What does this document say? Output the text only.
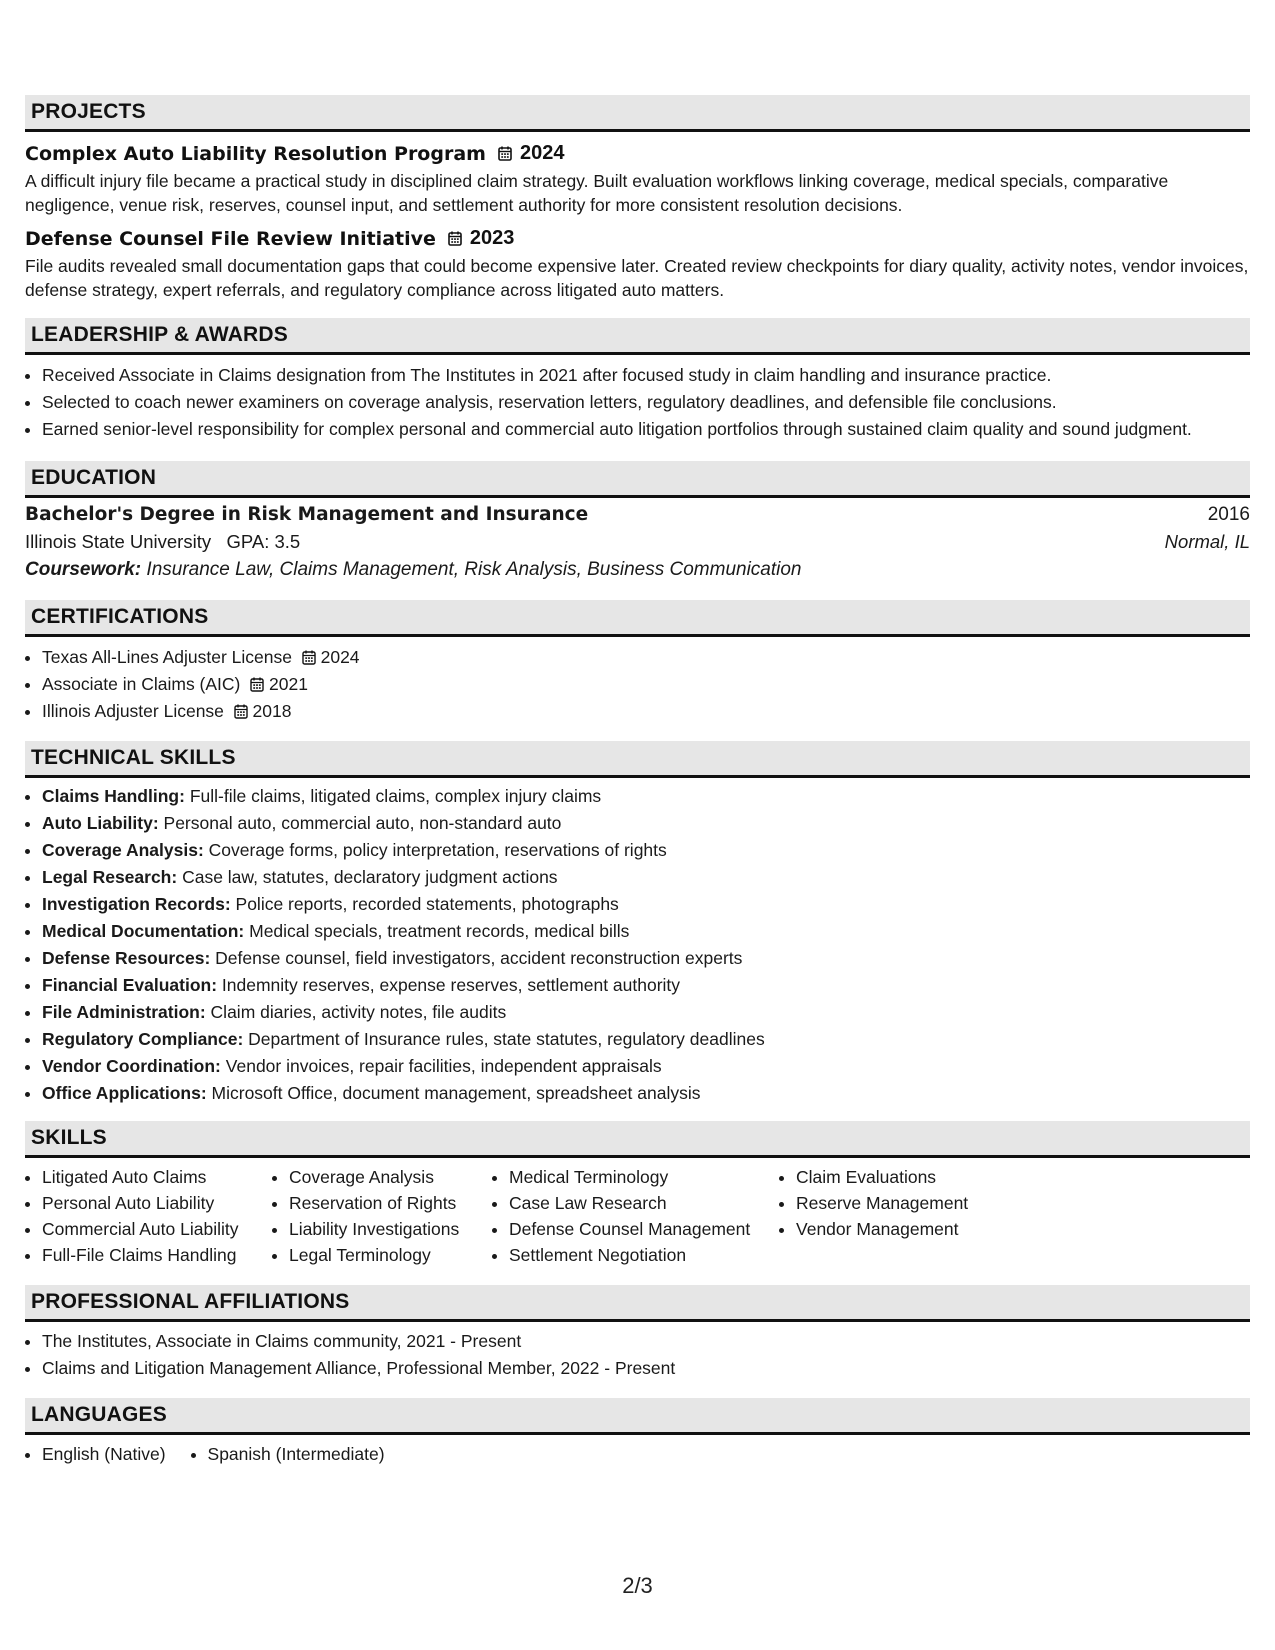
PROJECTS
Complex Auto Liability Resolution Program 2024
A difficult injury file became a practical study in disciplined claim strategy. Built evaluation workflows linking coverage, medical specials, comparative negligence, venue risk, reserves, counsel input, and settlement authority for more consistent resolution decisions.
Defense Counsel File Review Initiative 2023
File audits revealed small documentation gaps that could become expensive later. Created review checkpoints for diary quality, activity notes, vendor invoices, defense strategy, expert referrals, and regulatory compliance across litigated auto matters.
LEADERSHIP & AWARDS
• Received Associate in Claims designation from The Institutes in 2021 after focused study in claim handling and insurance practice.
• Selected to coach newer examiners on coverage analysis, reservation letters, regulatory deadlines, and defensible file conclusions.
• Earned senior-level responsibility for complex personal and commercial auto litigation portfolios through sustained claim quality and sound judgment.
EDUCATION
Bachelor's Degree in Risk Management and Insurance	2016
Illinois State University GPA: 3.5	Normal, IL
Coursework: Insurance Law, Claims Management, Risk Analysis, Business Communication
CERTIFICATIONS
• Texas All-Lines Adjuster License 2024
• Associate in Claims (AIC) 2021
• Illinois Adjuster License 2018
TECHNICAL SKILLS
• Claims Handling: Full-file claims, litigated claims, complex injury claims
• Auto Liability: Personal auto, commercial auto, non-standard auto
• Coverage Analysis: Coverage forms, policy interpretation, reservations of rights
• Legal Research: Case law, statutes, declaratory judgment actions
• Investigation Records: Police reports, recorded statements, photographs
• Medical Documentation: Medical specials, treatment records, medical bills
• Defense Resources: Defense counsel, field investigators, accident reconstruction experts
• Financial Evaluation: Indemnity reserves, expense reserves, settlement authority
• File Administration: Claim diaries, activity notes, file audits
• Regulatory Compliance: Department of Insurance rules, state statutes, regulatory deadlines
• Vendor Coordination: Vendor invoices, repair facilities, independent appraisals
• Office Applications: Microsoft Office, document management, spreadsheet analysis
SKILLS
• Litigated Auto Claims
• Personal Auto Liability
• Commercial Auto Liability
• Full-File Claims Handling
• Coverage Analysis
• Reservation of Rights
• Liability Investigations
• Legal Terminology
• Medical Terminology
• Case Law Research
• Defense Counsel Management
• Settlement Negotiation
• Claim Evaluations
• Reserve Management
• Vendor Management
PROFESSIONAL AFFILIATIONS
• The Institutes, Associate in Claims community, 2021 - Present
• Claims and Litigation Management Alliance, Professional Member, 2022 - Present
LANGUAGES
• English (Native)
• Spanish (Intermediate)
2/3
